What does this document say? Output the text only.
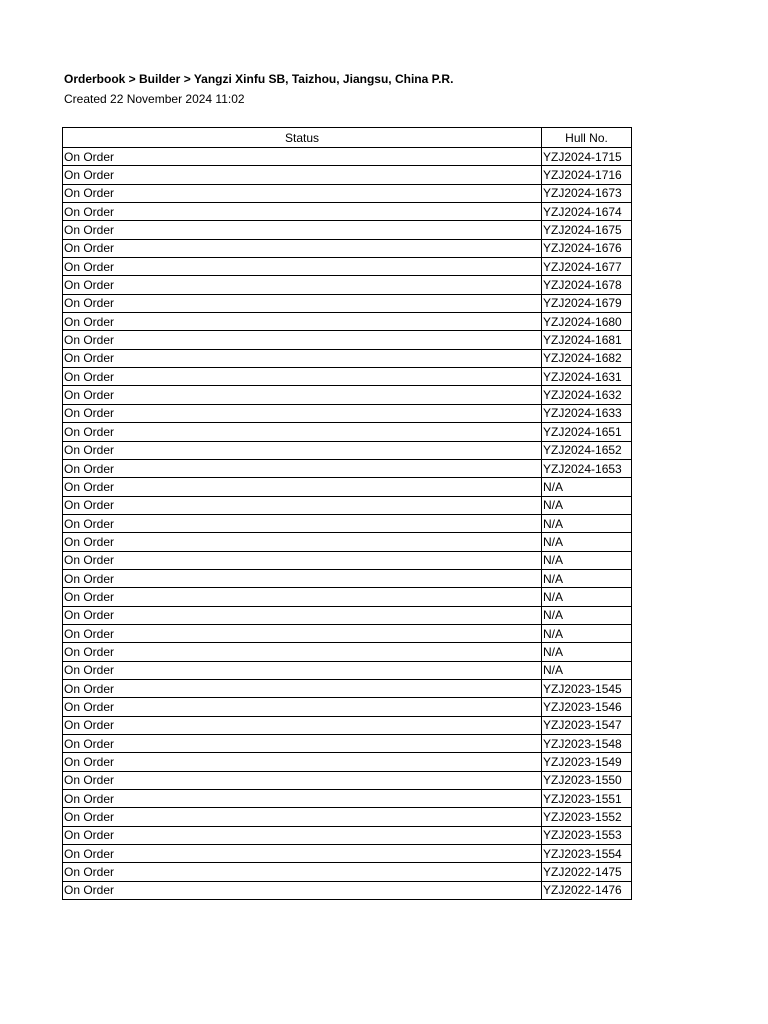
Orderbook > Builder > Yangzi Xinfu SB, Taizhou, Jiangsu, China P.R.
Created 22 November 2024 11:02
Status	Hull No.
On Order	YZJ2024-1715
On Order	YZJ2024-1716
On Order	YZJ2024-1673
On Order	YZJ2024-1674
On Order	YZJ2024-1675
On Order	YZJ2024-1676
On Order	YZJ2024-1677
On Order	YZJ2024-1678
On Order	YZJ2024-1679
On Order	YZJ2024-1680
On Order	YZJ2024-1681
On Order	YZJ2024-1682
On Order	YZJ2024-1631
On Order	YZJ2024-1632
On Order	YZJ2024-1633
On Order	YZJ2024-1651
On Order	YZJ2024-1652
On Order	YZJ2024-1653
On Order	N/A
On Order	N/A
On Order	N/A
On Order	N/A
On Order	N/A
On Order	N/A
On Order	N/A
On Order	N/A
On Order	N/A
On Order	N/A
On Order	N/A
On Order	YZJ2023-1545
On Order	YZJ2023-1546
On Order	YZJ2023-1547
On Order	YZJ2023-1548
On Order	YZJ2023-1549
On Order	YZJ2023-1550
On Order	YZJ2023-1551
On Order	YZJ2023-1552
On Order	YZJ2023-1553
On Order	YZJ2023-1554
On Order	YZJ2022-1475
On Order	YZJ2022-1476
